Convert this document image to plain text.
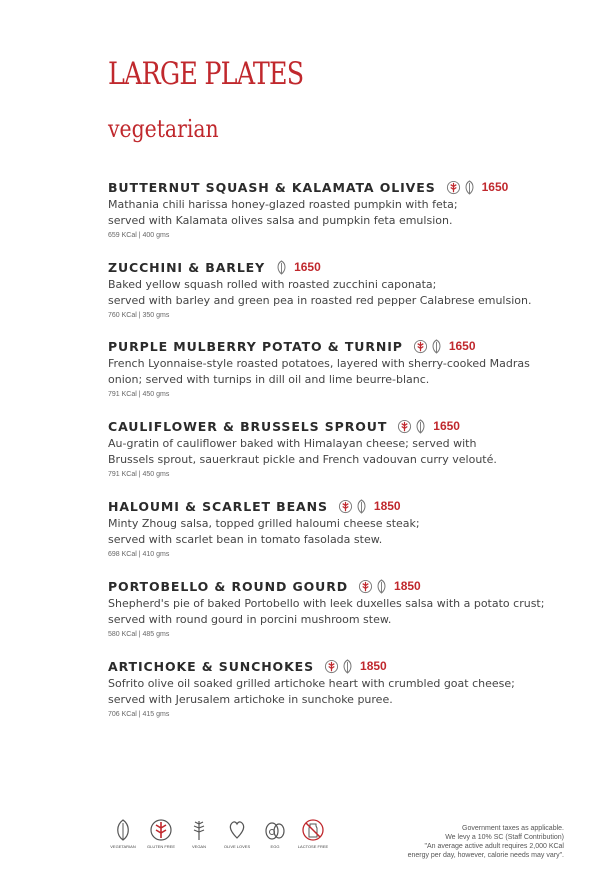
LARGE PLATES
vegetarian
BUTTERNUT SQUASH & KALAMATA OLIVES	1650
Mathania chili harissa honey-glazed roasted pumpkin with feta;
served with Kalamata olives salsa and pumpkin feta emulsion.
659 KCal | 400 gms
ZUCCHINI & BARLEY 1650
Baked yellow squash rolled with roasted zucchini caponata;
served with barley and green pea in roasted red pepper Calabrese emulsion.
760 KCal | 350 gms
PURPLE MULBERRY POTATO & TURNIP	1650
French Lyonnaise-style roasted potatoes, layered with sherry-cooked Madras
onion; served with turnips in dill oil and lime beurre-blanc.
791 KCal | 450 gms
CAULIFLOWER & BRUSSELS SPROUT	1650
Au-gratin of cauliflower baked with Himalayan cheese; served with
Brussels sprout, sauerkraut pickle and French vadouvan curry velouté.
791 KCal | 450 gms
HALOUMI & SCARLET BEANS	1850
Minty Zhoug salsa, topped grilled haloumi cheese steak;
served with scarlet bean in tomato fasolada stew.
698 KCal | 410 gms
PORTOBELLO & ROUND GOURD	1850
Shepherd's pie of baked Portobello with leek duxelles salsa with a potato crust;
served with round gourd in porcini mushroom stew.
580 KCal | 485 gms
ARTICHOKE & SUNCHOKES	1850
Sofrito olive oil soaked grilled artichoke heart with crumbled goat cheese;
served with Jerusalem artichoke in sunchoke puree.
706 KCal | 415 gms
VEGETARIAN	GLUTEN FREE	VEGAN	OLIVE LOVES	EGG	LACTOSE FREE
Government taxes as applicable.
We levy a 10% SC (Staff Contribution)
"An average active adult requires 2,000 KCal
energy per day, however, calorie needs may vary".
